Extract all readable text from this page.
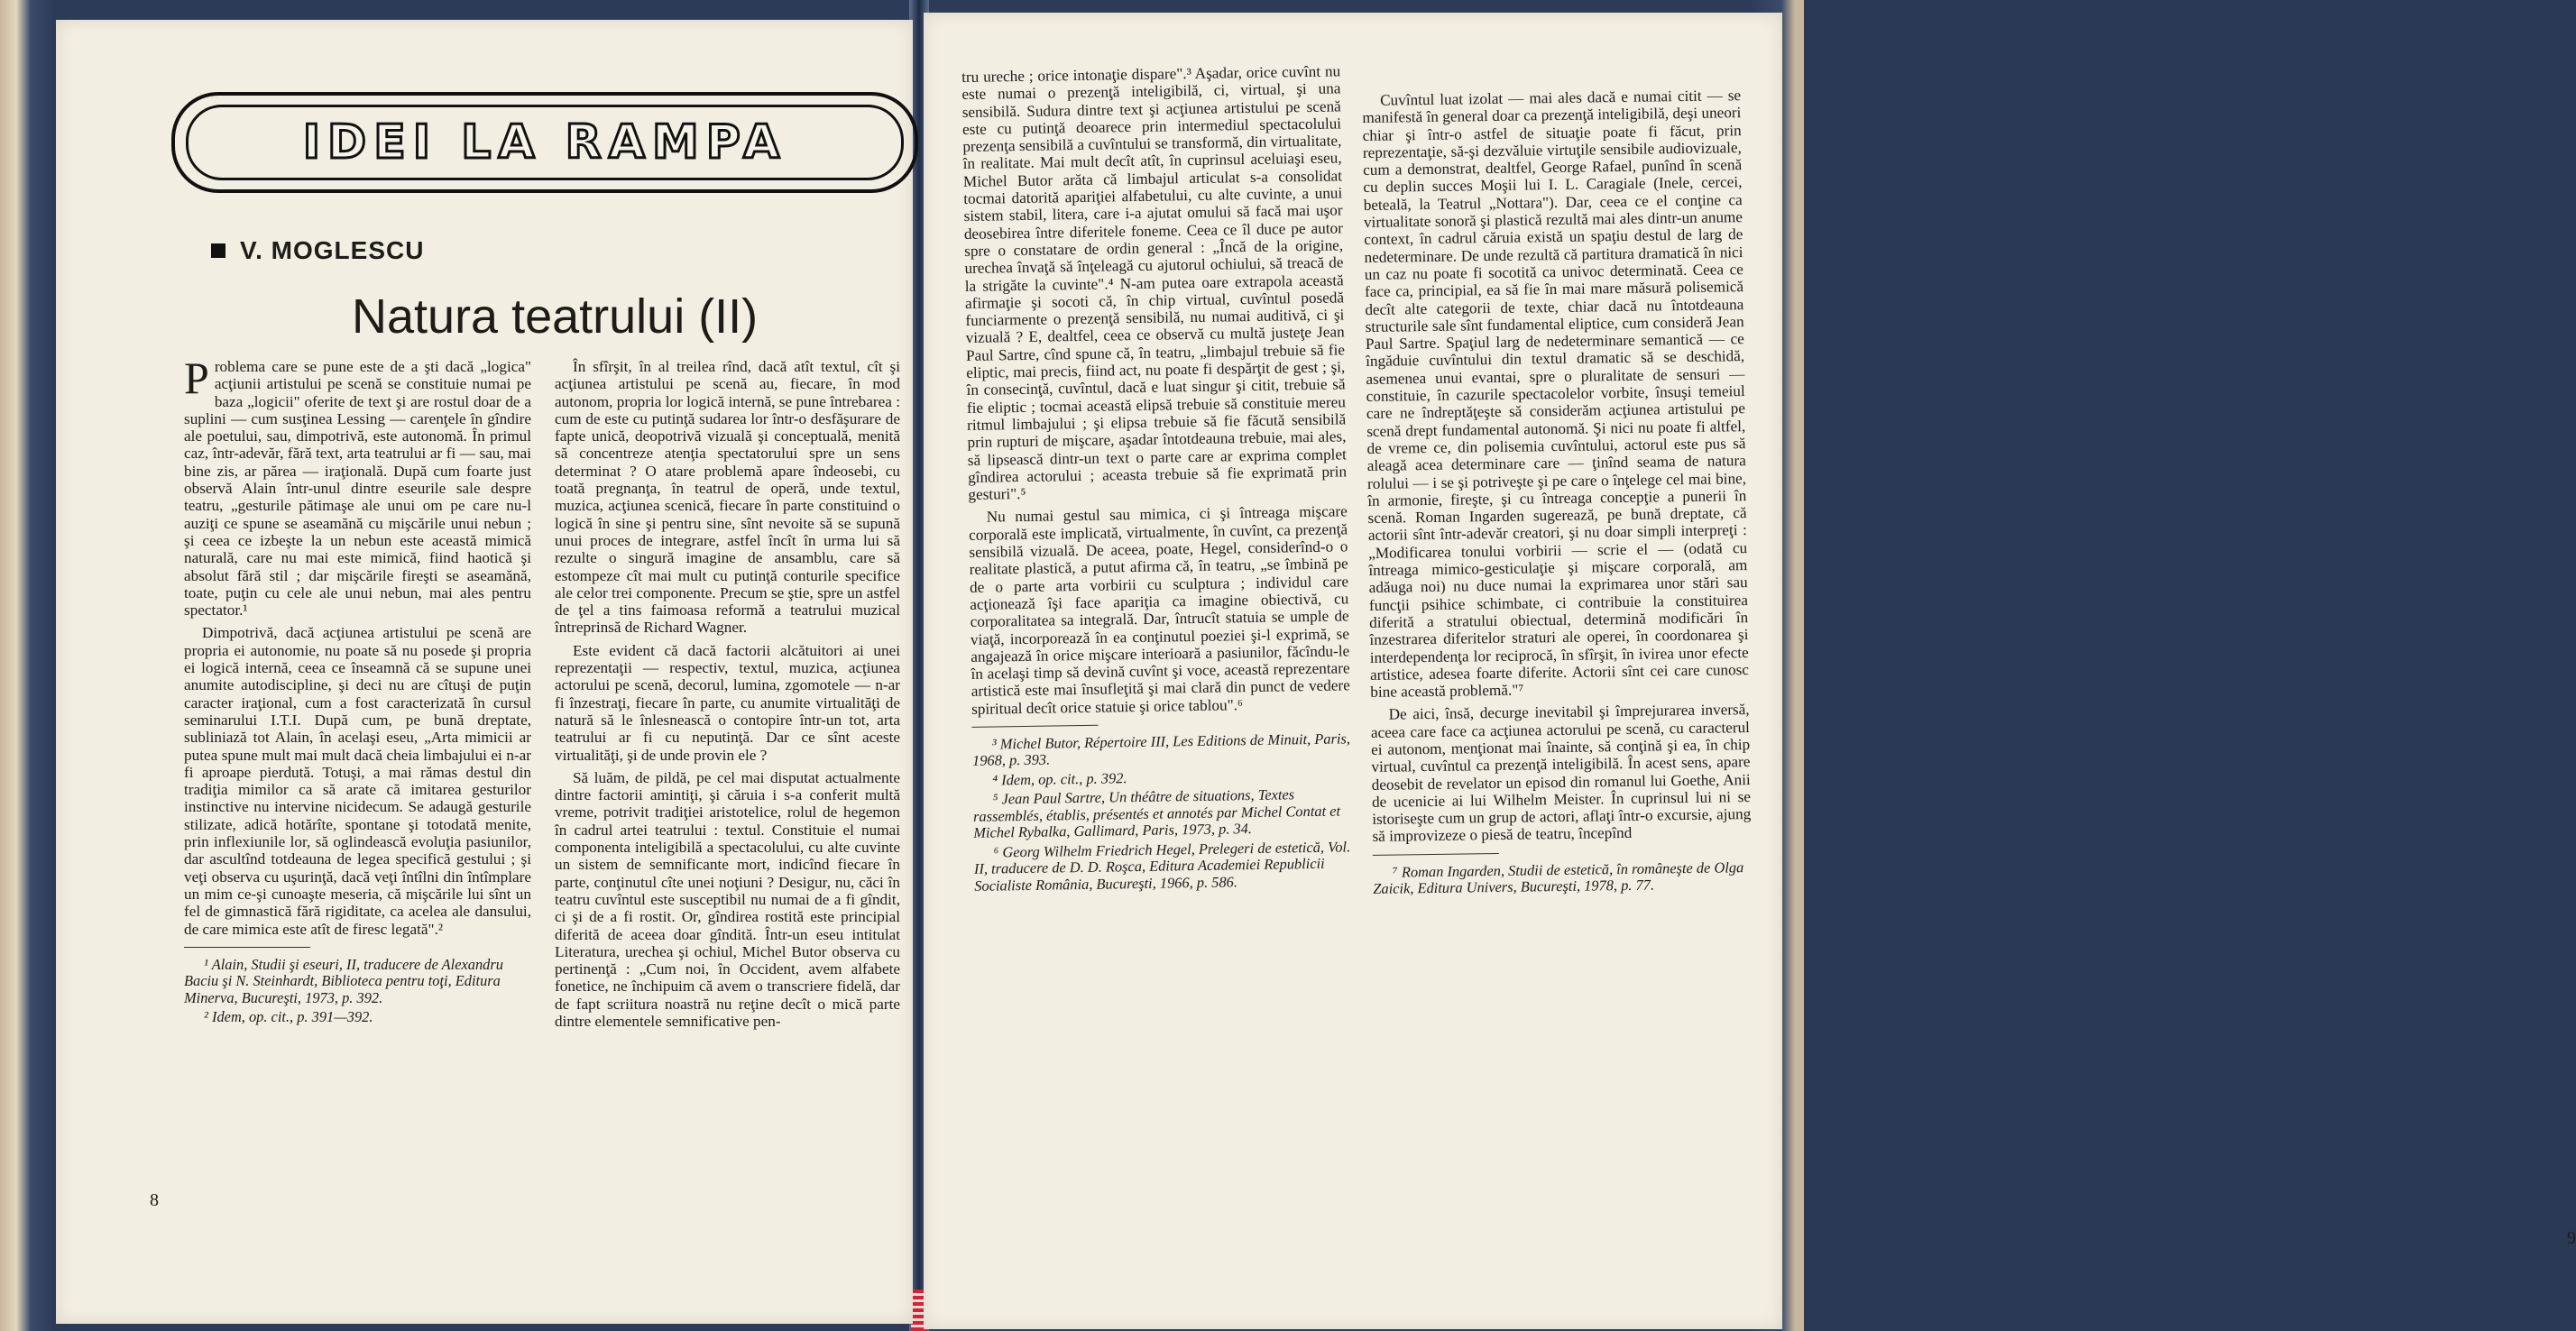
IDEI LA RAMPA
V. MOGLESCU
Natura teatrului (II)

Problema care se pune este de a şti dacă „logica" acţiunii artistului pe scenă se constituie numai pe baza „logicii" oferite de text şi are rostul doar de a suplini — cum susţinea Lessing — carenţele în gîndire ale poetului, sau, dimpotrivă, este autonomă. În primul caz, într-adevăr, fără text, arta teatrului ar fi — sau, mai bine zis, ar părea — iraţională. După cum foarte just observă Alain într-unul dintre eseurile sale despre teatru, „gesturile pătimaşe ale unui om pe care nu-l auziţi ce spune se aseamănă cu mişcările unui nebun ; şi ceea ce izbeşte la un nebun este această mimică naturală, care nu mai este mimică, fiind haotică şi absolut fără stil ; dar mişcările fireşti se aseamănă, toate, puţin cu cele ale unui nebun, mai ales pentru spectator.¹

Dimpotrivă, dacă acţiunea artistului pe scenă are propria ei autonomie, nu poate să nu posede şi propria ei logică internă, ceea ce înseamnă că se supune unei anumite autodiscipline, şi deci nu are cîtuşi de puţin caracter iraţional, cum a fost caracterizată în cursul seminarului I.T.I. După cum, pe bună dreptate, subliniază tot Alain, în acelaşi eseu, „Arta mimicii ar putea spune mult mai mult dacă cheia limbajului ei n-ar fi aproape pierdută. Totuşi, a mai rămas destul din tradiţia mimilor ca să arate că imitarea gesturilor instinctive nu intervine nicidecum. Se adaugă gesturile stilizate, adică hotărîte, spontane şi totodată menite, prin inflexiunile lor, să oglindească evoluţia pasiunilor, dar ascultînd totdeauna de legea specifică gestului ; şi veţi observa cu uşurinţă, dacă veţi întîlni din întîmplare un mim ce-şi cunoaşte meseria, că mişcările lui sînt un fel de gimnastică fără rigiditate, ca acelea ale dansului, de care mimica este atît de firesc legată".²

¹ Alain, Studii şi eseuri, II, traducere de Alexandru Baciu şi N. Steinhardt, Biblioteca pentru toţi, Editura Minerva, Bucureşti, 1973, p. 392.

² Idem, op. cit., p. 391—392.

În sfîrşit, în al treilea rînd, dacă atît textul, cît şi acţiunea artistului pe scenă au, fiecare, în mod autonom, propria lor logică internă, se pune întrebarea : cum de este cu putinţă sudarea lor într-o desfăşurare de fapte unică, deopotrivă vizuală şi conceptuală, menită să concentreze atenţia spectatorului spre un sens determinat ? O atare problemă apare îndeosebi, cu toată pregnanţa, în teatrul de operă, unde textul, muzica, acţiunea scenică, fiecare în parte constituind o logică în sine şi pentru sine, sînt nevoite să se supună unui proces de integrare, astfel încît în urma lui să rezulte o singură imagine de ansamblu, care să estompeze cît mai mult cu putinţă conturile specifice ale celor trei componente. Precum se ştie, spre un astfel de ţel a tins faimoasa reformă a teatrului muzical întreprinsă de Richard Wagner.

Este evident că dacă factorii alcătuitori ai unei reprezentaţii — respectiv, textul, muzica, acţiunea actorului pe scenă, decorul, lumina, zgomotele — n-ar fi înzestraţi, fiecare în parte, cu anumite virtualităţi de natură să le înlesnească o contopire într-un tot, arta teatrului ar fi cu neputinţă. Dar ce sînt aceste virtualităţi, şi de unde provin ele ?

Să luăm, de pildă, pe cel mai disputat actualmente dintre factorii amintiţi, şi căruia i s-a conferit multă vreme, potrivit tradiţiei aristotelice, rolul de hegemon în cadrul artei teatrului : textul. Constituie el numai componenta inteligibilă a spectacolului, cu alte cuvinte un sistem de semnificante mort, indicînd fiecare în parte, conţinutul cîte unei noţiuni ? Desigur, nu, căci în teatru cuvîntul este susceptibil nu numai de a fi gîndit, ci şi de a fi rostit. Or, gîndirea rostită este principial diferită de aceea doar gîndită. Într-un eseu intitulat Literatura, urechea şi ochiul, Michel Butor observa cu pertinenţă : „Cum noi, în Occident, avem alfabete fonetice, ne închipuim că avem o transcriere fidelă, dar de fapt scriitura noastră nu reţine decît o mică parte dintre elementele semnificative pen-

8

tru ureche ; orice intonaţie dispare".³ Aşadar, orice cuvînt nu este numai o prezenţă inteligibilă, ci, virtual, şi una sensibilă. Sudura dintre text şi acţiunea artistului pe scenă este cu putinţă deoarece prin intermediul spectacolului prezenţa sensibilă a cuvîntului se transformă, din virtualitate, în realitate. Mai mult decît atît, în cuprinsul aceluiaşi eseu, Michel Butor arăta că limbajul articulat s-a consolidat tocmai datorită apariţiei alfabetului, cu alte cuvinte, a unui sistem stabil, litera, care i-a ajutat omului să facă mai uşor deosebirea între diferitele foneme. Ceea ce îl duce pe autor spre o constatare de ordin general : „Încă de la origine, urechea învaţă să înţeleagă cu ajutorul ochiului, să treacă de la strigăte la cuvinte".⁴ N-am putea oare extrapola această afirmaţie şi socoti că, în chip virtual, cuvîntul posedă funciarmente o prezenţă sensibilă, nu numai auditivă, ci şi vizuală ? E, dealtfel, ceea ce observă cu multă justeţe Jean Paul Sartre, cînd spune că, în teatru, „limbajul trebuie să fie eliptic, mai precis, fiind act, nu poate fi despărţit de gest ; şi, în consecinţă, cuvîntul, dacă e luat singur şi citit, trebuie să fie eliptic ; tocmai această elipsă trebuie să constituie mereu ritmul limbajului ; şi elipsa trebuie să fie făcută sensibilă prin rupturi de mişcare, aşadar întotdeauna trebuie, mai ales, să lipsească dintr-un text o parte care ar exprima complet gîndirea actorului ; aceasta trebuie să fie exprimată prin gesturi".⁵

Nu numai gestul sau mimica, ci şi întreaga mişcare corporală este implicată, virtualmente, în cuvînt, ca prezenţă sensibilă vizuală. De aceea, poate, Hegel, considerînd-o o realitate plastică, a putut afirma că, în teatru, „se îmbină pe de o parte arta vorbirii cu sculptura ; individul care acţionează îşi face apariţia ca imagine obiectivă, cu corporalitatea sa integrală. Dar, întrucît statuia se umple de viaţă, incorporează în ea conţinutul poeziei şi-l exprimă, se angajează în orice mişcare interioară a pasiunilor, făcîndu-le în acelaşi timp să devină cuvînt şi voce, această reprezentare artistică este mai însufleţită şi mai clară din punct de vedere spiritual decît orice statuie şi orice tablou".⁶

³ Michel Butor, Répertoire III, Les Editions de Minuit, Paris, 1968, p. 393.

⁴ Idem, op. cit., p. 392.

⁵ Jean Paul Sartre, Un théâtre de situations, Textes rassemblés, établis, présentés et annotés par Michel Contat et Michel Rybalka, Gallimard, Paris, 1973, p. 34.

⁶ Georg Wilhelm Friedrich Hegel, Prelegeri de estetică, Vol. II, traducere de D. D. Roşca, Editura Academiei Republicii Socialiste România, Bucureşti, 1966, p. 586.

Cuvîntul luat izolat — mai ales dacă e numai citit — se manifestă în general doar ca prezenţă inteligibilă, deşi uneori chiar şi într-o astfel de situaţie poate fi făcut, prin reprezentaţie, să-şi dezvăluie virtuţile sensibile audiovizuale, cum a demonstrat, dealtfel, George Rafael, punînd în scenă cu deplin succes Moşii lui I. L. Caragiale (Inele, cercei, beteală, la Teatrul „Nottara"). Dar, ceea ce el conţine ca virtualitate sonoră şi plastică rezultă mai ales dintr-un anume context, în cadrul căruia există un spaţiu destul de larg de nedeterminare. De unde rezultă că partitura dramatică în nici un caz nu poate fi socotită ca univoc determinată. Ceea ce face ca, principial, ea să fie în mai mare măsură polisemică decît alte categorii de texte, chiar dacă nu întotdeauna structurile sale sînt fundamental eliptice, cum consideră Jean Paul Sartre. Spaţiul larg de nedeterminare semantică — ce îngăduie cuvîntului din textul dramatic să se deschidă, asemenea unui evantai, spre o pluralitate de sensuri — constituie, în cazurile spectacolelor vorbite, însuşi temeiul care ne îndreptăţeşte să considerăm acţiunea artistului pe scenă drept fundamental autonomă. Şi nici nu poate fi altfel, de vreme ce, din polisemia cuvîntului, actorul este pus să aleagă acea determinare care — ţinînd seama de natura rolului — i se şi potriveşte şi pe care o înţelege cel mai bine, în armonie, fireşte, şi cu întreaga concepţie a punerii în scenă. Roman Ingarden sugerează, pe bună dreptate, că actorii sînt într-adevăr creatori, şi nu doar simpli interpreţi : „Modificarea tonului vorbirii — scrie el — (odată cu întreaga mimico-gesticulaţie şi mişcare corporală, am adăuga noi) nu duce numai la exprimarea unor stări sau funcţii psihice schimbate, ci contribuie la constituirea diferită a stratului obiectual, determină modificări în înzestrarea diferitelor straturi ale operei, în coordonarea şi interdependenţa lor reciprocă, în sfîrşit, în ivirea unor efecte artistice, adesea foarte diferite. Actorii sînt cei care cunosc bine această problemă."⁷

De aici, însă, decurge inevitabil şi împrejurarea inversă, aceea care face ca acţiunea actorului pe scenă, cu caracterul ei autonom, menţionat mai înainte, să conţină şi ea, în chip virtual, cuvîntul ca prezenţă inteligibilă. În acest sens, apare deosebit de revelator un episod din romanul lui Goethe, Anii de ucenicie ai lui Wilhelm Meister. În cuprinsul lui ni se istoriseşte cum un grup de actori, aflaţi într-o excursie, ajung să improvizeze o piesă de teatru, începînd

⁷ Roman Ingarden, Studii de estetică, în româneşte de Olga Zaicik, Editura Univers, Bucureşti, 1978, p. 77.

9
